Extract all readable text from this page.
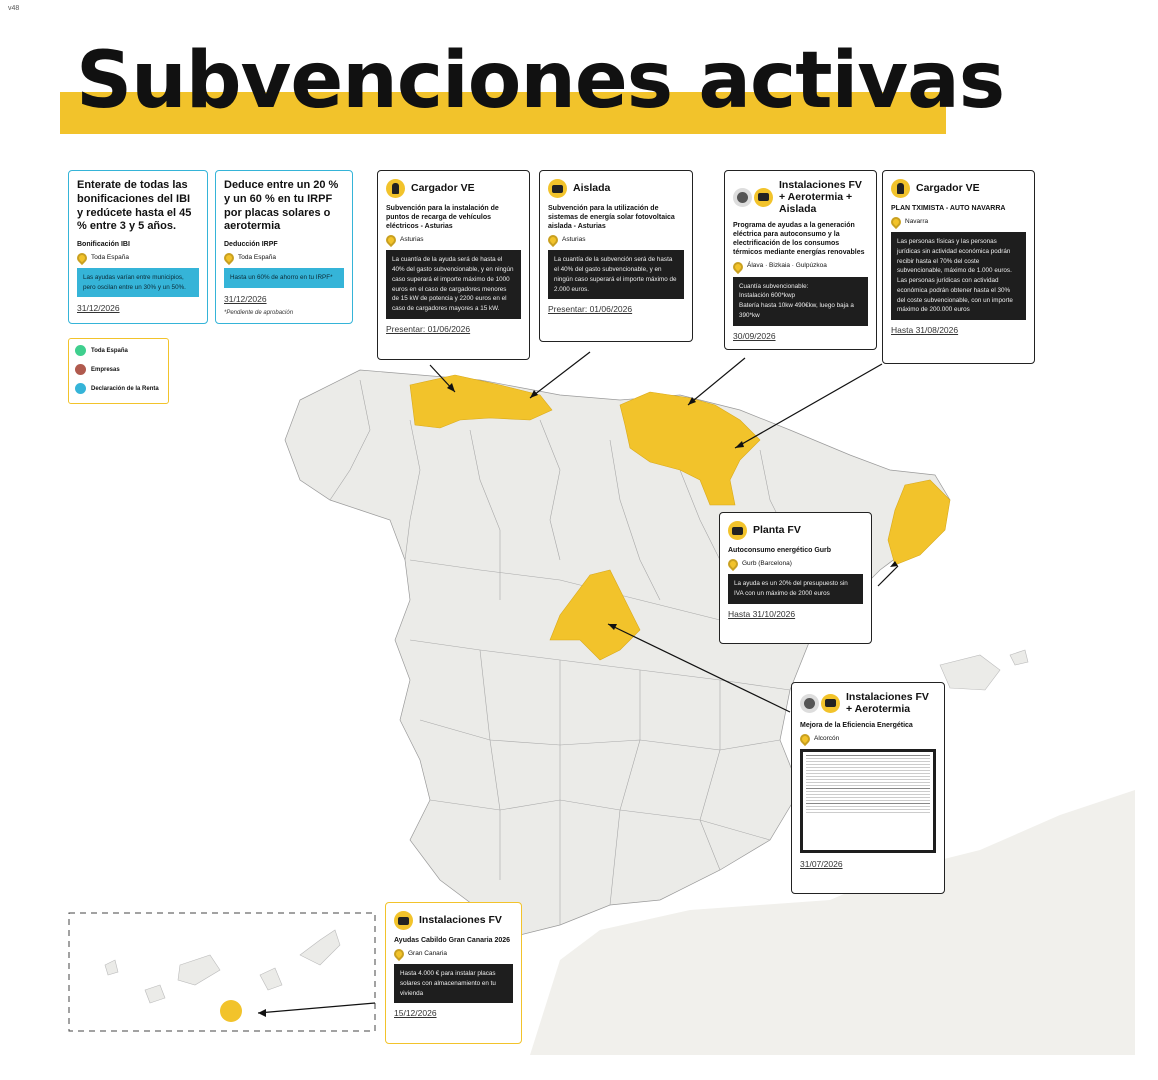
v48
Subvenciones activas
Enterate de todas las bonificaciones del IBI y redúcete hasta el 45 % entre 3 y 5 años.
Bonificación IBI
Toda España
Las ayudas varían entre municipios, pero oscilan entre un 30% y un 50%.
31/12/2026
Deduce entre un 20 % y un 60 % en tu IRPF por placas solares o aerotermia
Deducción IRPF
Toda España
Hasta un 60% de ahorro en tu IRPF*
31/12/2026
*Pendiente de aprobación
Toda España
Empresas
Declaración de la Renta
Cargador VE
Subvención para la instalación de puntos de recarga de vehículos eléctricos - Asturias
Asturias
La cuantía de la ayuda será de hasta el 40% del gasto subvencionable, y en ningún caso superará el importe máximo de 1000 euros en el caso de cargadores menores de 15 kW de potencia y 2200 euros en el caso de cargadores mayores a 15 kW.
Presentar: 01/06/2026
Aislada
Subvención para la utilización de sistemas de energía solar fotovoltaica aislada - Asturias
Asturias
La cuantía de la subvención será de hasta el 40% del gasto subvencionable, y en ningún caso superará el importe máximo de 2.000 euros.
Presentar: 01/06/2026
Instalaciones FV + Aerotermia + Aislada
Programa de ayudas a la generación eléctrica para autoconsumo y la electrificación de los consumos térmicos mediante energías renovables
Álava · Bizkaia · Gulpúzkoa
Cuantía subvencionable:
Instalación 600*kwp
Batería hasta 10kw 490€kw, luego baja a 390*kw
30/09/2026
Cargador VE
PLAN TXIMISTA - AUTO NAVARRA
Navarra
Las personas físicas y las personas jurídicas sin actividad económica podrán recibir hasta el 70% del coste subvencionable, máximo de 1.000 euros.
Las personas jurídicas con actividad económica podrán obtener hasta el 30% del coste subvencionable, con un importe máximo de 200.000 euros
Hasta 31/08/2026
Planta FV
Autoconsumo energético Gurb
Gurb (Barcelona)
La ayuda es un 20% del presupuesto sin IVA con un máximo de 2000 euros
Hasta 31/10/2026
Instalaciones FV + Aerotermia
Mejora de la Eficiencia Energética
Alcorcón
31/07/2026
Instalaciones FV
Ayudas Cabildo Gran Canaria 2026
Gran Canaria
Hasta 4.000 € para instalar placas solares con almacenamiento en tu vivienda
15/12/2026
